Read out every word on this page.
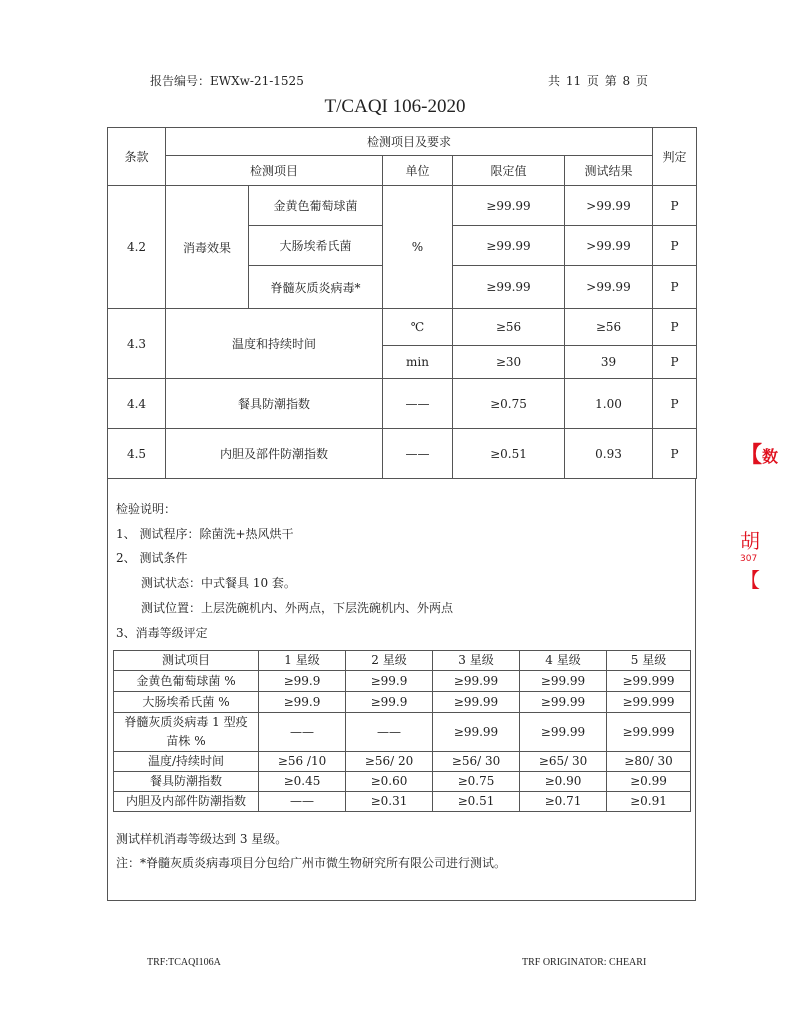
报告编号：EWXw-21-1525	共 11 页 第 8 页
T/CAQI 106-2020
条款	检测项目及要求					判定
	检测项目		单位	限定值	测试结果	
4.2	消毒效果	金黄色葡萄球菌	%	≥99.99	>99.99	P
		大肠埃希氏菌		≥99.99	>99.99	P
		脊髓灰质炎病毒*		≥99.99	>99.99	P
4.3	温度和持续时间		℃	≥56	≥56	P
			min	≥30	39	P
4.4	餐具防潮指数		——	≥0.75	1.00	P
4.5	内胆及部件防潮指数		——	≥0.51	0.93	P
检验说明：
1、 测试程序：除菌洗+热风烘干
2、 测试条件
测试状态：中式餐具 10 套。
测试位置：上层洗碗机内、外两点，下层洗碗机内、外两点
3、消毒等级评定
测试项目	1 星级	2 星级	3 星级	4 星级	5 星级
金黄色葡萄球菌 %	≥99.9	≥99.9	≥99.99	≥99.99	≥99.999
大肠埃希氏菌 %	≥99.9	≥99.9	≥99.99	≥99.99	≥99.999
脊髓灰质炎病毒 1 型疫苗株 %	——	——	≥99.99	≥99.99	≥99.999
温度/持续时间	≥56 /10	≥56/ 20	≥56/ 30	≥65/ 30	≥80/ 30
餐具防潮指数	≥0.45	≥0.60	≥0.75	≥0.90	≥0.99
内胆及内部件防潮指数	——	≥0.31	≥0.51	≥0.71	≥0.91
测试样机消毒等级达到 3 星级。
注：*脊髓灰质炎病毒项目分包给广州市微生物研究所有限公司进行测试。
TRF:TCAQI106A	TRF ORIGINATOR: CHEARI
【数
胡
307
【
